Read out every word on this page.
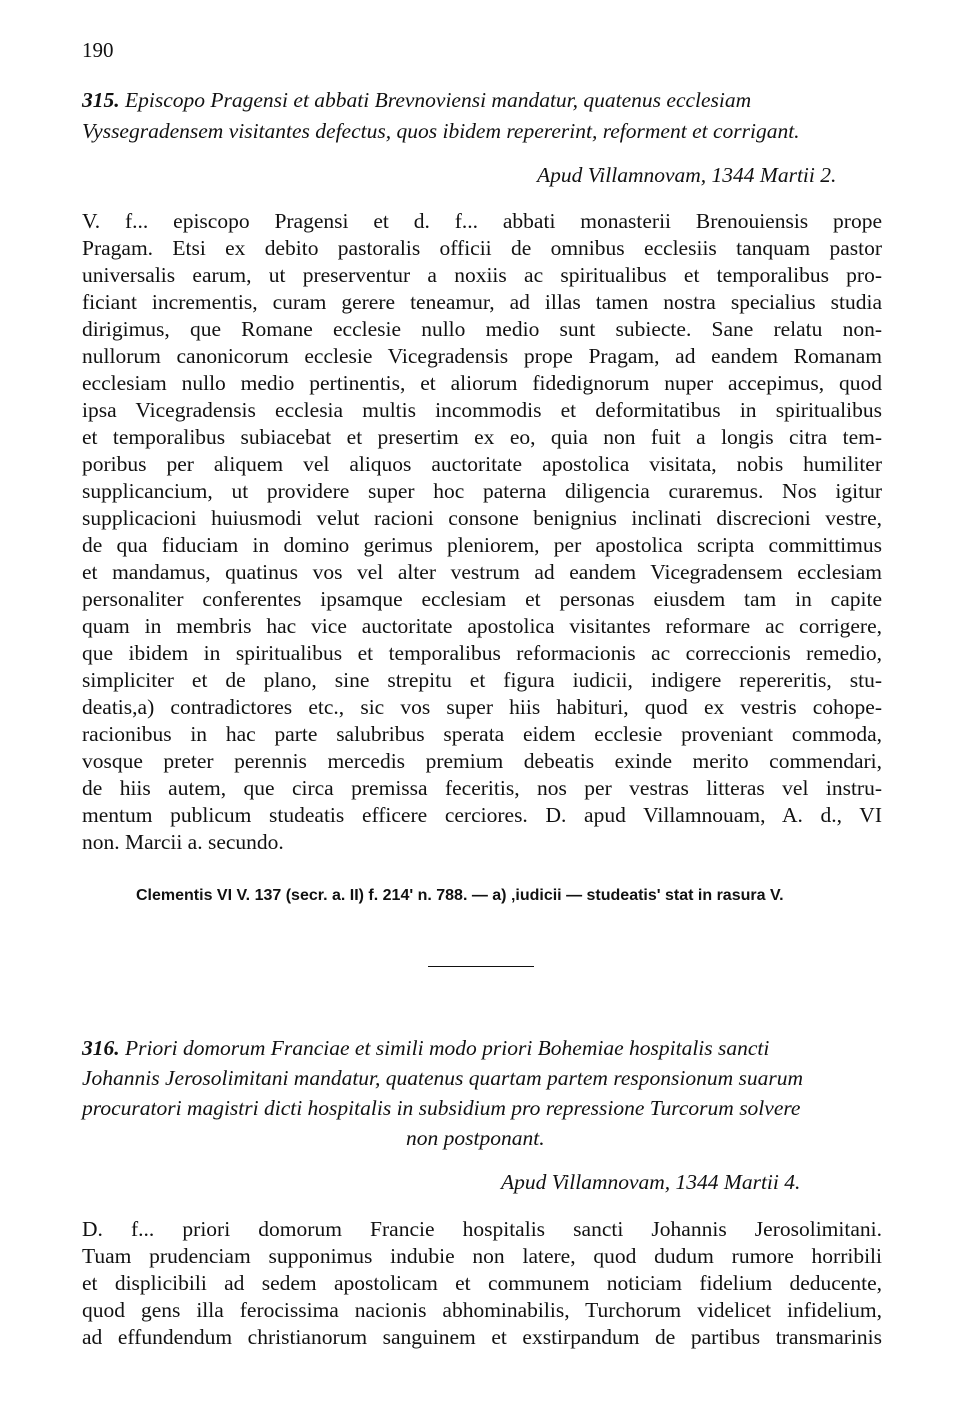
190
315. Episcopo Pragensi et abbati Brevnoviensi mandatur, quatenus ecclesiam
Vyssegradensem visitantes defectus, quos ibidem repererint, reforment et corrigant.
Apud Villamnovam, 1344 Martii 2.
V. f... episcopo Pragensi et d. f... abbati monasterii Brenouiensis prope
Pragam. Etsi ex debito pastoralis officii de omnibus ecclesiis tanquam pastor
universalis earum, ut preserventur a noxiis ac spiritualibus et temporalibus pro-
ficiant incrementis, curam gerere teneamur, ad illas tamen nostra specialius studia
dirigimus, que Romane ecclesie nullo medio sunt subiecte. Sane relatu non-
nullorum canonicorum ecclesie Vicegradensis prope Pragam, ad eandem Romanam
ecclesiam nullo medio pertinentis, et aliorum fidedignorum nuper accepimus, quod
ipsa Vicegradensis ecclesia multis incommodis et deformitatibus in spiritualibus
et temporalibus subiacebat et presertim ex eo, quia non fuit a longis citra tem-
poribus per aliquem vel aliquos auctoritate apostolica visitata, nobis humiliter
supplicancium, ut providere super hoc paterna diligencia curaremus. Nos igitur
supplicacioni huiusmodi velut racioni consone benignius inclinati discrecioni vestre,
de qua fiduciam in domino gerimus pleniorem, per apostolica scripta committimus
et mandamus, quatinus vos vel alter vestrum ad eandem Vicegradensem ecclesiam
personaliter conferentes ipsamque ecclesiam et personas eiusdem tam in capite
quam in membris hac vice auctoritate apostolica visitantes reformare ac corrigere,
que ibidem in spiritualibus et temporalibus reformacionis ac correccionis remedio,
simpliciter et de plano, sine strepitu et figura iudicii, indigere repereritis, stu-
deatis,a) contradictores etc., sic vos super hiis habituri, quod ex vestris cohope-
racionibus in hac parte salubribus sperata eidem ecclesie proveniant commoda,
vosque preter perennis mercedis premium debeatis exinde merito commendari,
de hiis autem, que circa premissa feceritis, nos per vestras litteras vel instru-
mentum publicum studeatis efficere cerciores. D. apud Villamnouam, A. d., VI
non. Marcii a. secundo.
Clementis VI V. 137 (secr. a. II) f. 214' n. 788. — a) ‚iudicii — studeatis' stat in rasura V.
316. Priori domorum Franciae et simili modo priori Bohemiae hospitalis sancti
Johannis Jerosolimitani mandatur, quatenus quartam partem responsionum suarum
procuratori magistri dicti hospitalis in subsidium pro repressione Turcorum solvere
non postponant.
Apud Villamnovam, 1344 Martii 4.
D. f... priori domorum Francie hospitalis sancti Johannis Jerosolimitani.
Tuam prudenciam supponimus indubie non latere, quod dudum rumore horribili
et displicibili ad sedem apostolicam et communem noticiam fidelium deducente,
quod gens illa ferocissima nacionis abhominabilis, Turchorum videlicet infidelium,
ad effundendum christianorum sanguinem et exstirpandum de partibus transmarinis
